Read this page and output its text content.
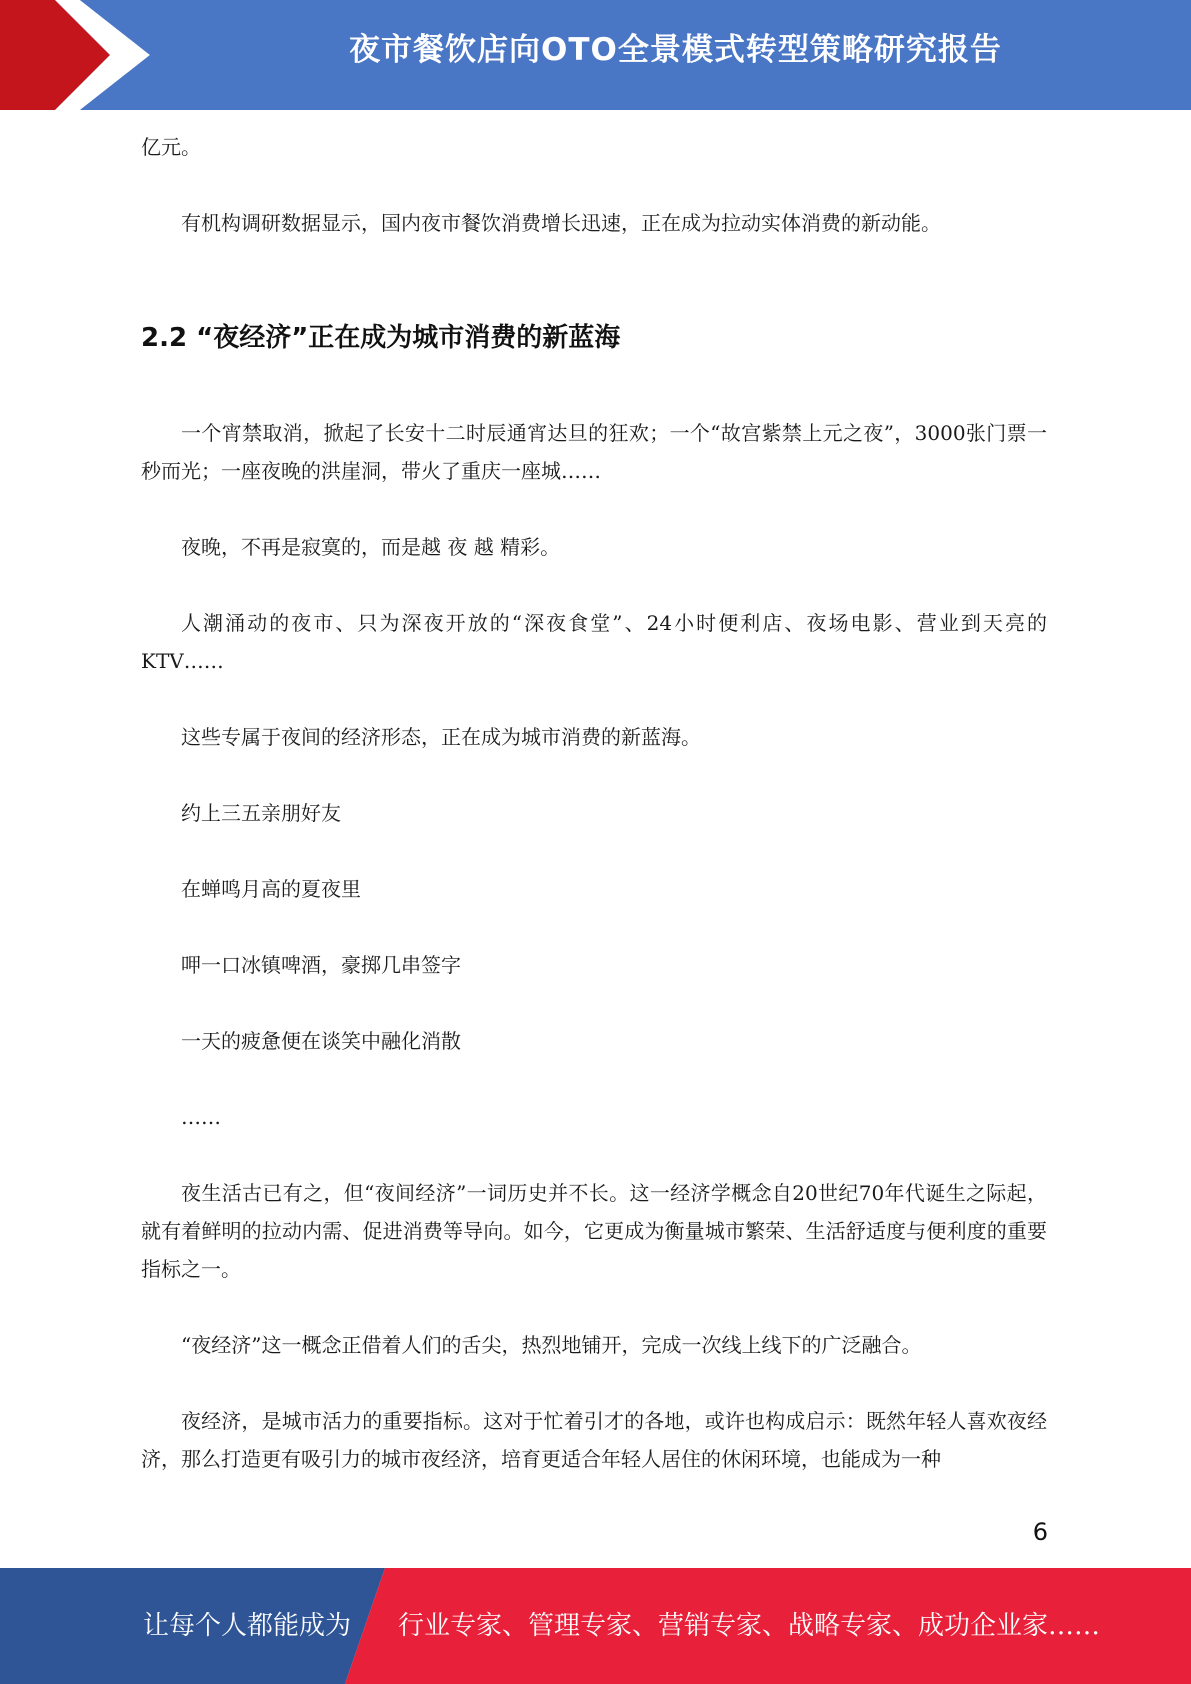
夜市餐饮店向OTO全景模式转型策略研究报告

亿元。

有机构调研数据显示，国内夜市餐饮消费增长迅速，正在成为拉动实体消费的新动能。

2.2 “夜经济”正在成为城市消费的新蓝海

一个宵禁取消，掀起了长安十二时辰通宵达旦的狂欢；一个“故宫紫禁上元之夜”，3000张门票一秒而光；一座夜晚的洪崖洞，带火了重庆一座城……

夜晚，不再是寂寞的，而是越 夜 越 精彩。

人潮涌动的夜市、只为深夜开放的“深夜食堂”、24小时便利店、夜场电影、营业到天亮的KTV……

这些专属于夜间的经济形态，正在成为城市消费的新蓝海。

约上三五亲朋好友

在蝉鸣月高的夏夜里

呷一口冰镇啤酒，豪掷几串签字

一天的疲惫便在谈笑中融化消散

……

夜生活古已有之，但“夜间经济”一词历史并不长。这一经济学概念自20世纪70年代诞生之际起，就有着鲜明的拉动内需、促进消费等导向。如今，它更成为衡量城市繁荣、生活舒适度与便利度的重要指标之一。

“夜经济”这一概念正借着人们的舌尖，热烈地铺开，完成一次线上线下的广泛融合。

夜经济，是城市活力的重要指标。这对于忙着引才的各地，或许也构成启示：既然年轻人喜欢夜经济，那么打造更有吸引力的城市夜经济，培育更适合年轻人居住的休闲环境，也能成为一种

6
让每个人都能成为 行业专家、管理专家、营销专家、战略专家、成功企业家……
